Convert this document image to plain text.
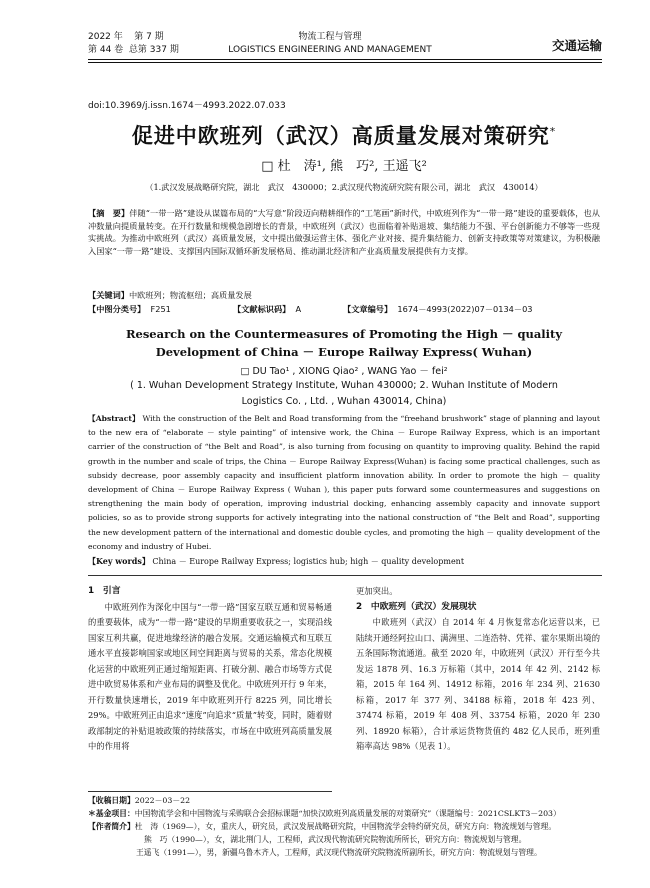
2022 年 第 7 期
第 44 卷 总第 337 期
物流工程与管理
LOGISTICS ENGINEERING AND MANAGEMENT	交通运输
doi:10.3969/j.issn.1674－4993.2022.07.033
促进中欧班列（武汉）高质量发展对策研究*
□ 杜　涛¹, 熊　巧², 王遥飞²
（1.武汉发展战略研究院，湖北　武汉　430000；2.武汉现代物流研究院有限公司，湖北　武汉　430014）
【摘　要】伴随“一带一路”建设从谋篇布局的“大写意”阶段迈向精耕细作的“工笔画”新时代，中欧班列作为“一带一路”建设的重要载体，也从冲数量向提质量转变。在开行数量和规模急剧增长的背景，中欧班列（武汉）也面临着补贴退坡、集结能力不强、平台创新能力不够等一些现实挑战。为推动中欧班列（武汉）高质量发展，文中提出做强运营主体、强化产业对接、提升集结能力、创新支持政策等对策建议，为积极融入国家“一带一路”建设、支撑国内国际双循环新发展格局、推动湖北经济和产业高质量发展提供有力支撑。
【关键词】中欧班列；物流枢纽；高质量发展
【中图分类号】 F251	【文献标识码】 A	【文章编号】 1674－4993(2022)07－0134－03
Research on the Countermeasures of Promoting the High － quality
Development of China － Europe Railway Express( Wuhan)
□ DU Tao¹ , XIONG Qiao² , WANG Yao － fei²
( 1. Wuhan Development Strategy Institute, Wuhan 430000; 2. Wuhan Institute of Modern
Logistics Co. , Ltd. , Wuhan 430014, China)
【Abstract】 With the construction of the Belt and Road transforming from the “freehand brushwork” stage of planning and layout to the new era of “elaborate － style painting” of intensive work, the China － Europe Railway Express, which is an important carrier of the construction of “the Belt and Road”, is also turning from focusing on quantity to improving quality. Behind the rapid growth in the number and scale of trips, the China － Europe Railway Express(Wuhan) is facing some practical challenges, such as subsidy decrease, poor assembly capacity and insufficient platform innovation ability. In order to promote the high － quality development of China － Europe Railway Express ( Wuhan ), this paper puts forward some countermeasures and suggestions on strengthening the main body of operation, improving industrial docking, enhancing assembly capacity and innovate support policies, so as to provide strong supports for actively integrating into the national construction of “the Belt and Road”, supporting the new development pattern of the international and domestic double cycles, and promoting the high － quality development of the economy and industry of Hubei.
【Key words】 China － Europe Railway Express; logistics hub; high － quality development
1　引言

中欧班列作为深化中国与“一带一路”国家互联互通和贸易畅通的重要载体，成为“一带一路”建设的早期重要收获之一，实现沿线国家互利共赢，促进地缘经济的融合发展。交通运输模式和互联互通水平直接影响国家或地区间空间距离与贸易的关系，常态化规模化运营的中欧班列正通过缩短距离、打破分割、融合市场等方式促进中欧贸易体系和产业布局的调整及优化。中欧班列开行 9 年来，开行数量快速增长，2019 年中欧班列开行 8225 列，同比增长 29%。中欧班列正由追求“速度”向追求“质量”转变，同时，随着财政部制定的补贴退坡政策的持续落实，市场在中欧班列高质量发展中的作用将

更加突出。

2　中欧班列（武汉）发展现状

中欧班列（武汉）自 2014 年 4 月恢复常态化运营以来，已陆续开通经阿拉山口、满洲里、二连浩特、凭祥、霍尔果斯出境的五条国际物流通道。截至 2020 年，中欧班列（武汉）开行至今共发运 1878 列、16.3 万标箱（其中，2014 年 42 列、2142 标箱，2015 年 164 列、14912 标箱，2016 年 234 列、21630 标箱，2017 年 377 列、34188 标箱，2018 年 423 列、37474 标箱，2019 年 408 列、33754 标箱，2020 年 230 列、18920 标箱），合计承运货物货值约 482 亿人民币，班列重箱率高达 98%（见表 1）。

【收稿日期】2022－03－22
＊基金项目：中国物流学会和中国物流与采购联合会招标课题“加快汉欧班列高质量发展的对策研究”（课题编号：2021CSLKT3－203）
【作者简介】杜　涛（1969—），女，重庆人，研究员，武汉发展战略研究院，中国物流学会特约研究员，研究方向：物流规划与管理。
熊　巧（1990—），女，湖北荆门人，工程师，武汉现代物流研究院物流所所长，研究方向：物流规划与管理。
王遥飞（1991—），男，新疆乌鲁木齐人，工程师，武汉现代物流研究院物流所副所长，研究方向：物流规划与管理。
